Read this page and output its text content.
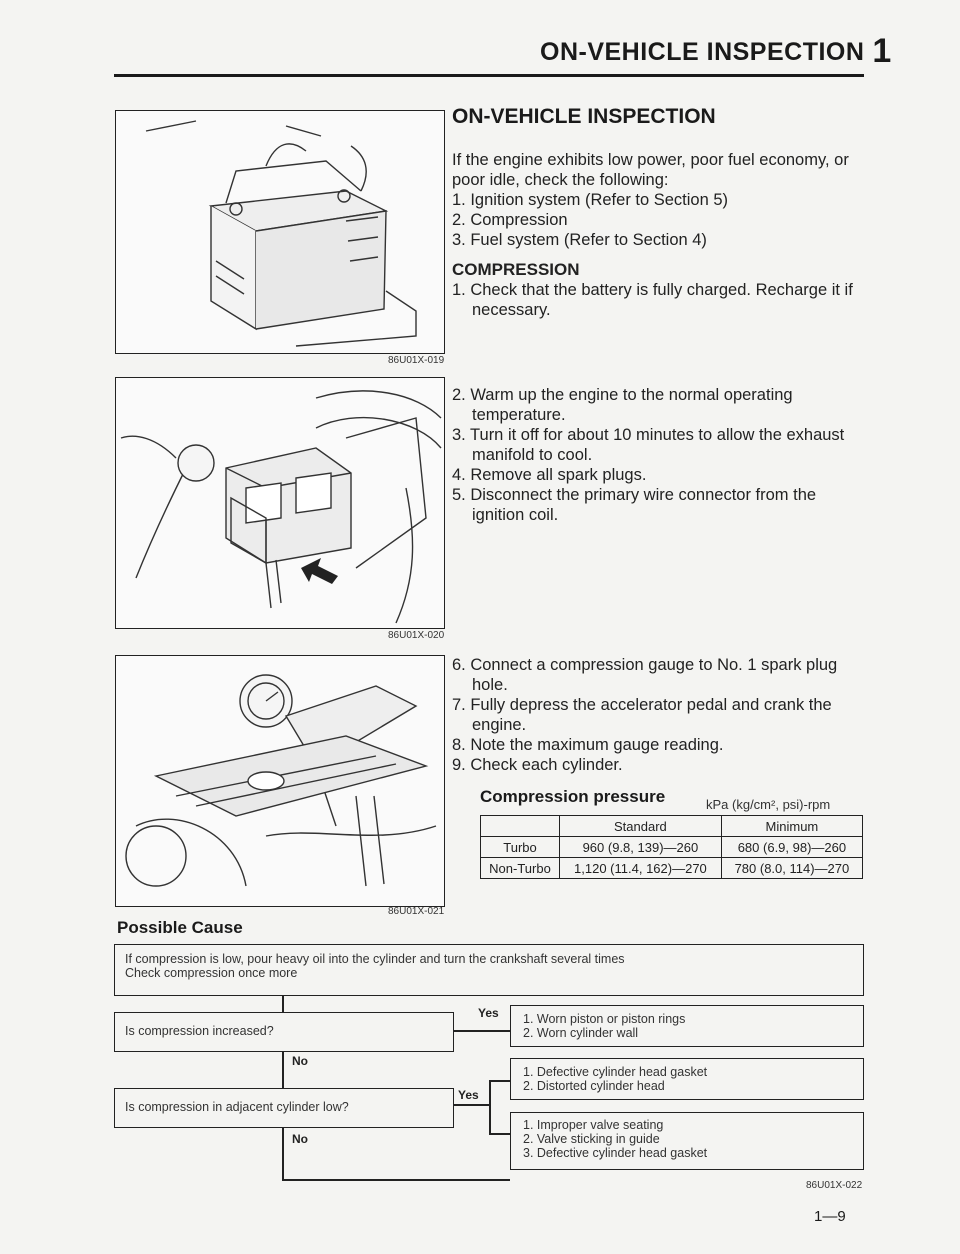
ON-VEHICLE INSPECTION 1
86U01X-019
86U01X-020
86U01X-021
ON-VEHICLE INSPECTION

If the engine exhibits low power, poor fuel economy, or poor idle, check the following:

1. Ignition system (Refer to Section 5)

2. Compression

3. Fuel system (Refer to Section 4)

COMPRESSION

1. Check that the battery is fully charged. Recharge it if necessary.

2. Warm up the engine to the normal operating temperature.

3. Turn it off for about 10 minutes to allow the exhaust manifold to cool.

4. Remove all spark plugs.

5. Disconnect the primary wire connector from the ignition coil.

6. Connect a compression gauge to No. 1 spark plug hole.

7. Fully depress the accelerator pedal and crank the engine.

8. Note the maximum gauge reading.

9. Check each cylinder.

Compression pressure	kPa (kg/cm², psi)-rpm
	Standard	Minimum
Turbo	960 (9.8, 139)—260	680 (6.9, 98)—260
Non-Turbo	1,120 (11.4, 162)—270	780 (8.0, 114)—270
Possible Cause

If compression is low, pour heavy oil into the cylinder and turn the crankshaft several times

Check compression once more

Is compression increased?

Yes 1. Worn piston or piston rings

2. Worn cylinder wall

No

Is compression in adjacent cylinder low?

Yes

1. Defective cylinder head gasket

2. Distorted cylinder head

No

1. Improper valve seating

2. Valve sticking in guide

3. Defective cylinder head gasket

86U01X-022
1—9
